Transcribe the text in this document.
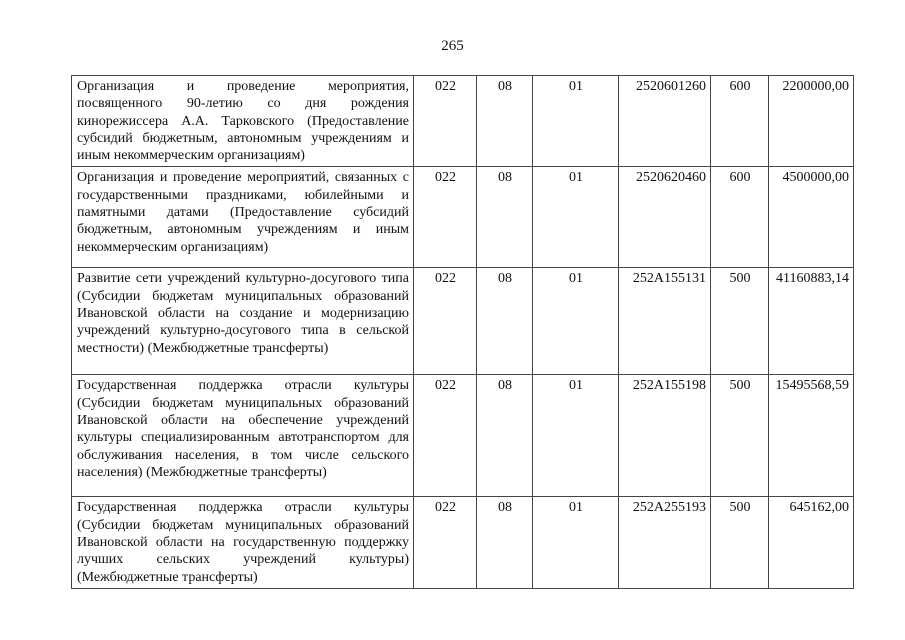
265
Организация и проведение мероприятия, посвященного 90-летию со дня рождения кинорежиссера А.А. Тарковского (Предоставление субсидий бюджетным, автономным учреждениям и иным некоммерческим организациям)	022	08	01	2520601260	600	2200000,00
Организация и проведение мероприятий, связанных с государственными праздниками, юбилейными и памятными датами (Предоставление субсидий бюджетным, автономным учреждениям и иным некоммерческим организациям)	022	08	01	2520620460	600	4500000,00
Развитие сети учреждений культурно-досугового типа (Субсидии бюджетам муниципальных образований Ивановской области на создание и модернизацию учреждений культурно-досугового типа в сельской местности) (Межбюджетные трансферты)	022	08	01	252А155131	500	41160883,14
Государственная поддержка отрасли культуры (Субсидии бюджетам муниципальных образований Ивановской области на обеспечение учреждений культуры специализированным автотранспортом для обслуживания населения, в том числе сельского населения) (Межбюджетные трансферты)	022	08	01	252А155198	500	15495568,59
Государственная поддержка отрасли культуры (Субсидии бюджетам муниципальных образований Ивановской области на государственную поддержку лучших сельских учреждений культуры) (Межбюджетные трансферты)	022	08	01	252А255193	500	645162,00
